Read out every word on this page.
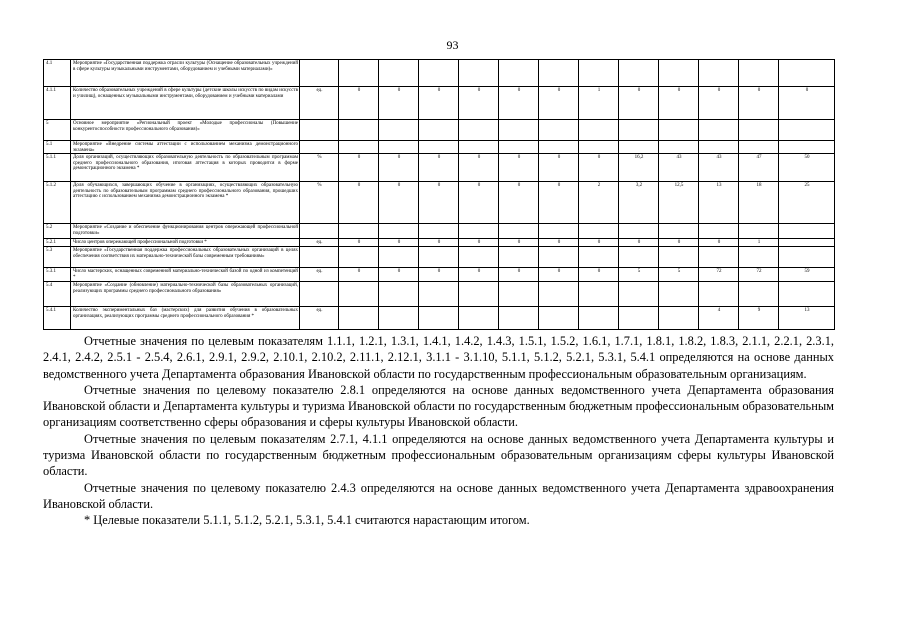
93
4.1	Мероприятие «Государственная поддержка отрасли культуры (Оснащение образовательных учреждений в сфере культуры музыкальными инструментами, оборудованием и учебными материалами)»													
4.1.1	Количество образовательных учреждений в сфере культуры (детские школы искусств по видам искусств и училищ), оснащенных музыкальными инструментами, оборудованием и учебными материалами	ед.	0	0	0	0	0	0	1	0	0	0	0	0
5	Основное мероприятие «Региональный проект «Молодые профессионалы (Повышение конкурентоспособности профессионального образования)»													
5.1	Мероприятие «Внедрение системы аттестации с использованием механизма демонстрационного экзамена»													
5.1.1	Доля организаций, осуществляющих образовательную деятельность по образовательным программам среднего профессионального образования, итоговая аттестация в которых проводится в форме демонстрационного экзамена *	%	0	0	0	0	0	0	0	16,2	43	43	47	50
5.1.2	Доля обучающихся, завершающих обучение в организациях, осуществляющих образовательную деятельность по образовательным программам среднего профессионального образования, прошедших аттестацию с использованием механизма демонстрационного экзамена *	%	0	0	0	0	0	0	2	3,2	12,5	13	18	25
5.2	Мероприятие «Создание и обеспечение функционирования центров опережающей профессиональной подготовки»													
5.2.1	Число центров опережающей профессиональной подготовки *	ед.	0	0	0	0	0	0	0	0	0	0	1	
5.3	Мероприятие «Государственная поддержка профессиональных образовательных организаций в целях обеспечения соответствия их материально-технической базы современным требованиям»													
5.3.1	Число мастерских, оснащенных современной материально-технической базой по одной из компетенций *	ед.	0	0	0	0	0	0	0	5	5	72	72	59
5.4	Мероприятие «Создание (обновление) материально-технической базы образовательных организаций, реализующих программы среднего профессионального образования»													
5.4.1	Количество экспериментальных баз (мастерских) для развития обучения в образовательных организациях, реализующих программы среднего профессионального образования *	ед.										4	9	13

Отчетные значения по целевым показателям 1.1.1, 1.2.1, 1.3.1, 1.4.1, 1.4.2, 1.4.3, 1.5.1, 1.5.2, 1.6.1, 1.7.1, 1.8.1, 1.8.2, 1.8.3, 2.1.1, 2.2.1, 2.3.1, 2.4.1, 2.4.2, 2.5.1 - 2.5.4, 2.6.1, 2.9.1, 2.9.2, 2.10.1, 2.10.2, 2.11.1, 2.12.1, 3.1.1 - 3.1.10, 5.1.1, 5.1.2, 5.2.1, 5.3.1, 5.4.1 определяются на основе данных ведомственного учета Департамента образования Ивановской области по государственным профессиональным образовательным организациям.

Отчетные значения по целевому показателю 2.8.1 определяются на основе данных ведомственного учета Департамента образования Ивановской области и Департамента культуры и туризма Ивановской области по государственным бюджетным профессиональным образовательным организациям соответственно сферы образования и сферы культуры Ивановской области.

Отчетные значения по целевым показателям 2.7.1, 4.1.1 определяются на основе данных ведомственного учета Департамента культуры и туризма Ивановской области по государственным бюджетным профессиональным образовательным организациям сферы культуры Ивановской области.

Отчетные значения по целевому показателю 2.4.3 определяются на основе данных ведомственного учета Департамента здравоохранения Ивановской области.

* Целевые показатели 5.1.1, 5.1.2, 5.2.1, 5.3.1, 5.4.1 считаются нарастающим итогом.
